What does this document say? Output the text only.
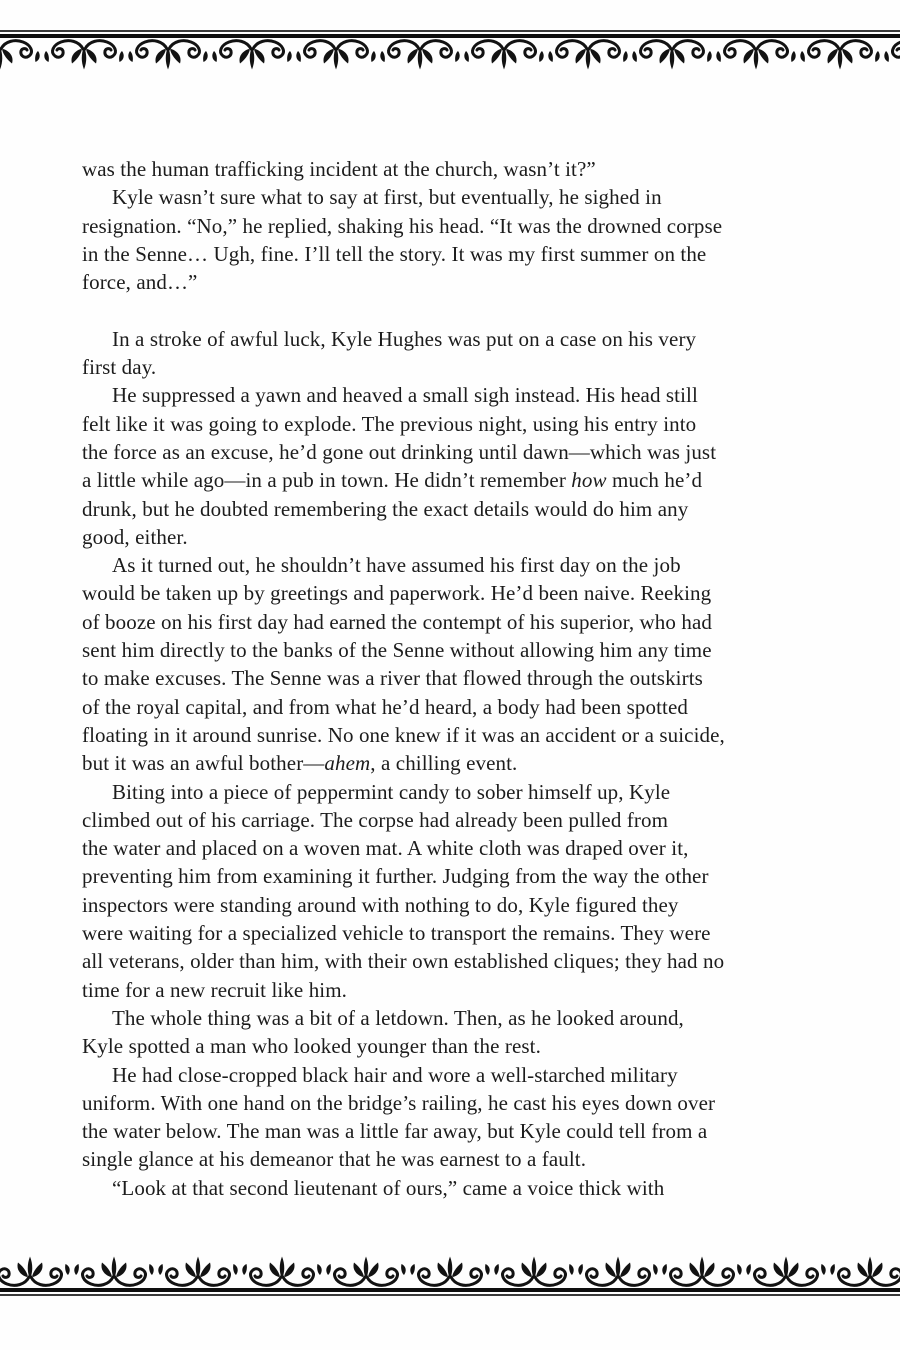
was the human trafficking incident at the church, wasn’t it?”
Kyle wasn’t sure what to say at first, but eventually, he sighed in
resignation. “No,” he replied, shaking his head. “It was the drowned corpse
in the Senne… Ugh, fine. I’ll tell the story. It was my first summer on the
force, and…”
In a stroke of awful luck, Kyle Hughes was put on a case on his very
first day.
He suppressed a yawn and heaved a small sigh instead. His head still
felt like it was going to explode. The previous night, using his entry into
the force as an excuse, he’d gone out drinking until dawn—which was just
a little while ago—in a pub in town. He didn’t remember how much he’d
drunk, but he doubted remembering the exact details would do him any
good, either.
As it turned out, he shouldn’t have assumed his first day on the job
would be taken up by greetings and paperwork. He’d been naive. Reeking
of booze on his first day had earned the contempt of his superior, who had
sent him directly to the banks of the Senne without allowing him any time
to make excuses. The Senne was a river that flowed through the outskirts
of the royal capital, and from what he’d heard, a body had been spotted
floating in it around sunrise. No one knew if it was an accident or a suicide,
but it was an awful bother—ahem, a chilling event.
Biting into a piece of peppermint candy to sober himself up, Kyle
climbed out of his carriage. The corpse had already been pulled from
the water and placed on a woven mat. A white cloth was draped over it,
preventing him from examining it further. Judging from the way the other
inspectors were standing around with nothing to do, Kyle figured they
were waiting for a specialized vehicle to transport the remains. They were
all veterans, older than him, with their own established cliques; they had no
time for a new recruit like him.
The whole thing was a bit of a letdown. Then, as he looked around,
Kyle spotted a man who looked younger than the rest.
He had close-cropped black hair and wore a well-starched military
uniform. With one hand on the bridge’s railing, he cast his eyes down over
the water below. The man was a little far away, but Kyle could tell from a
single glance at his demeanor that he was earnest to a fault.
“Look at that second lieutenant of ours,” came a voice thick with
